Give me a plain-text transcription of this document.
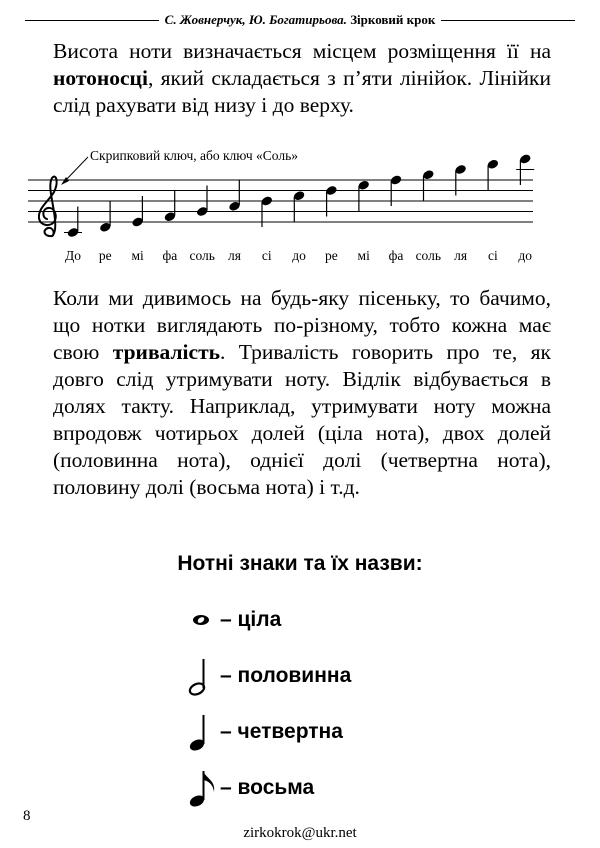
С. Жовнерчук, Ю. Богатирьова. Зірковий крок

Висота ноти визначається місцем розміщення її на нотоносці, який складається з п’яти лінійок. Лінійки слід рахувати від низу і до верху.

Скрипковий ключ, або ключ «Соль»
До ре мі фа соль ля сі до ре мі фа соль ля сі до

Коли ми дивимось на будь-яку пісеньку, то бачимо, що нотки виглядають по-різному, тобто кожна має свою тривалість. Тривалість говорить про те, як довго слід утримувати ноту. Відлік відбувається в долях такту. Наприклад, утримувати ноту можна впродовж чотирьох долей (ціла нота), двох долей (половинна нота), однієї долі (четвертна нота), половину долі (восьма нота) і т.д.

Нотні знаки та їх назви:
– ціла
– половинна
– четвертна
– восьма
8
zirkokrok@ukr.net
